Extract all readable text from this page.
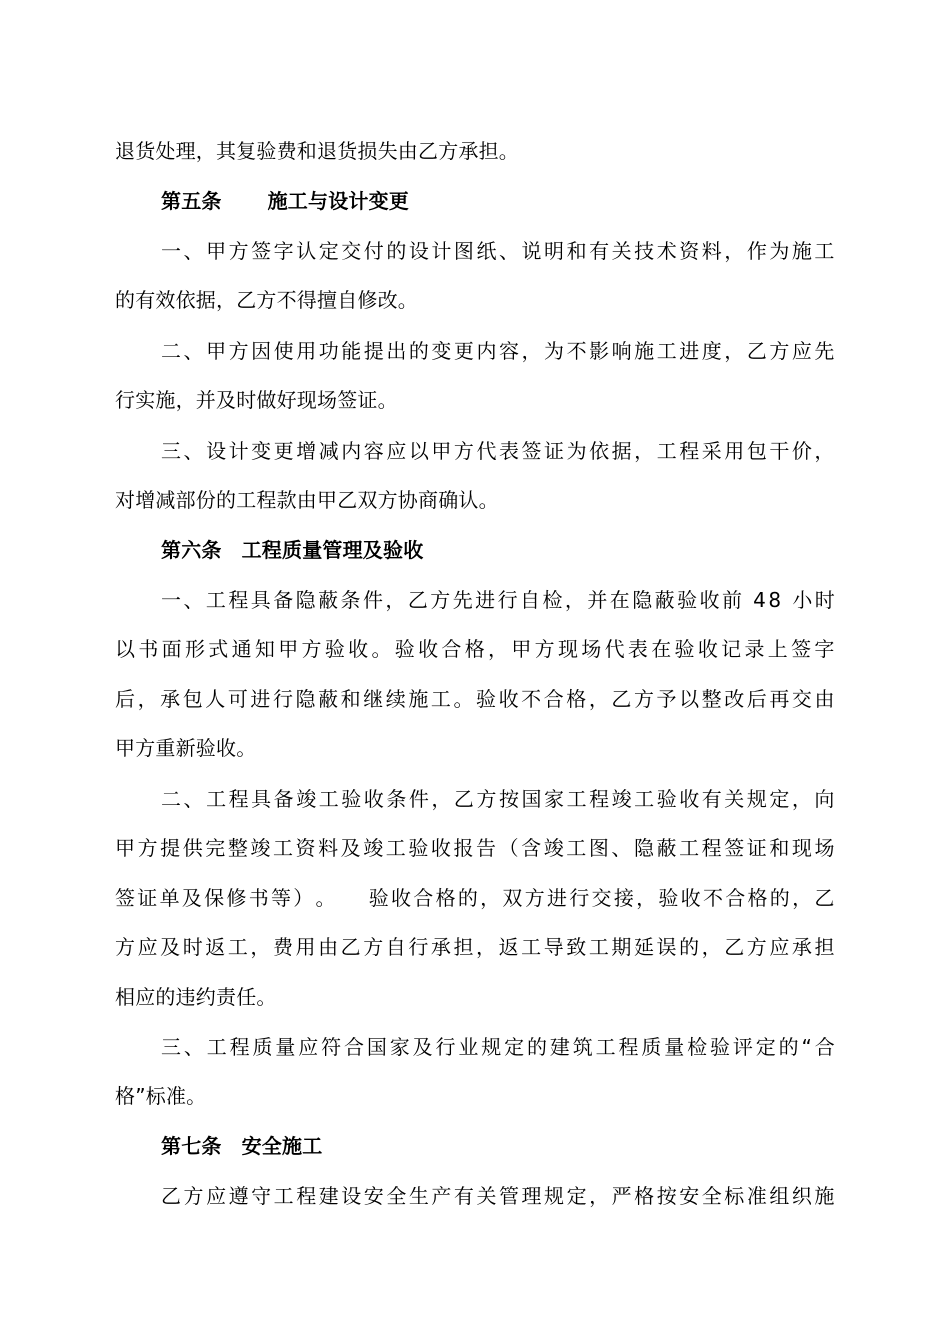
退货处理，其复验费和退货损失由乙方承担。
第五条 施工与设计变更
一 、 甲 方 签 字 认 定 交 付 的 设 计 图 纸 、 说 明 和 有 关 技 术 资 料 ， 作 为 施 工
的有效依据，乙方不得擅自修改。
二 、 甲 方 因 使 用 功 能 提 出 的 变 更 内 容 ， 为 不 影 响 施 工 进 度 ， 乙 方 应 先
行实施，并及时做好现场签证。
三 、 设 计 变 更 增 减 内 容 应 以 甲 方 代 表 签 证 为 依 据 ， 工 程 采 用 包 干 价 ，
对增减部份的工程款由甲乙双方协商确认。
第六条 工程质量管理及验收
一 、 工 程 具 备 隐 蔽 条 件 ， 乙 方 先 进 行 自 检 ， 并 在 隐 蔽 验 收 前
4 8
小 时
以 书 面 形 式 通 知 甲 方 验 收 。 验 收 合 格 ， 甲 方 现 场 代 表 在 验 收 记 录 上 签 字
后 ， 承 包 人 可 进 行 隐 蔽 和 继 续 施 工 。 验 收 不 合 格 ， 乙 方 予 以 整 改 后 再 交 由
甲方重新验收。
二 、 工 程 具 备 竣 工 验 收 条 件 ， 乙 方 按 国 家 工 程 竣 工 验 收 有 关 规 定 ， 向
甲 方 提 供 完 整 竣 工 资 料 及 竣 工 验 收 报 告 （ 含 竣 工 图 、 隐 蔽 工 程 签 证 和 现 场
签 证 单 及 保 修 书 等 ） 。

验 收 合 格 的 ， 双 方 进 行 交 接 ， 验 收 不 合 格 的 ， 乙
方 应 及 时 返 工 ， 费 用 由 乙 方 自 行 承 担 ， 返 工 导 致 工 期 延 误 的 ， 乙 方 应 承 担
相应的违约责任。
三 、 工 程 质 量 应 符 合 国 家 及 行 业 规 定 的 建 筑 工 程 质 量 检 验 评 定 的 “ 合
格”标准。
第七条 安全施工
乙 方 应 遵 守 工 程 建 设 安 全 生 产 有 关 管 理 规 定 ， 严 格 按 安 全 标 准 组 织 施
